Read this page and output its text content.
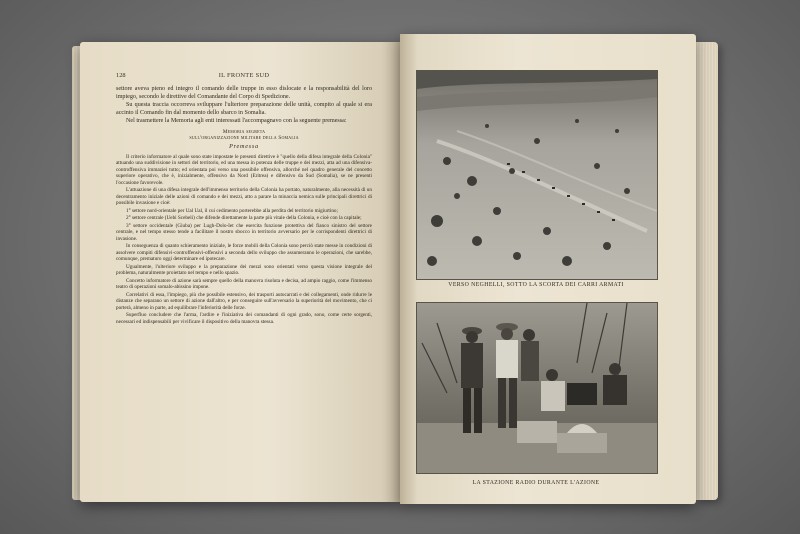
128	IL FRONTE SUD

settore aveva pieno ed integro il comando delle truppe in esso dislocate e la responsabilità del loro impiego, secondo le direttive del Comandante del Corpo di Spedizione.

Su questa traccia occorreva sviluppare l'ulteriore preparazione delle unità, compito al quale si era accinto il Comando fin dal momento dello sbarco in Somalia.

Nel trasmettere la Memoria agli enti interessati l'accompagnavo con la seguente premessa:

Memoria segreta
sull'organizzazione militare della Somalia
Premessa

Il criterio informatore al quale sono state impostate le presenti direttive è "quello della difesa integrale della Colonia" attuando una suddivisione in settori del territorio, ed una messa in potenza delle truppe e dei mezzi, atta ad una difensiva-controffensiva immaziei tutto; ed orientata poi verso una possibile offensiva, allorché nel quadro generale del concetto superiore operativo, che è, inizialmente, offensivo da Nord (Eritrea) e difensivo da Sud (Somalia), se ne presenti l'occasione favorevole.

L'attuazione di una difesa integrale dell'immenso territorio della Colonia ha portato, naturalmente, alla necessità di un decentramento iniziale delle azioni di comando e dei mezzi, atto a parare la minaccia nemica sulle principali direttrici di possibile invasione e cioè:

1° settore nord-orientale per Ual Ual, il cui cedimento porterebbe alla perdita del territorio migiurtino;

2° settore centrale (Uebi Scebeli) che difende direttamente la parte più vitale della Colonia, e cioè con la capitale;

3° settore occidentale (Giuba) per Lugh-Dolo-Iet che esercita funzione protettiva del fianco sinistro del settore centrale, e nel tempo stesso tende a facilitare il nostro sbocco in territorio avversario per le corrispondenti direttrici di invasione.

In conseguenza di quanto schieramento iniziale, le forze mobili della Colonia sono perciò state messe in condizioni di assolvere compiti difensivi-controffensivi-offensivi a seconda dello sviluppo che assumeranno le operazioni, che sarebbe, comunque, prematuro oggi determinare ed ipotecare.

Ugualmente, l'ulteriore sviluppo e la preparazione dei mezzi sono orientati verso questa visione integrale del problema, naturalmente proiettato nel tempo e nello spazio.

Concetto informatore di azione sarà sempre quello della manovra risoluta e decisa, ad ampio raggio, come l'immenso teatro di operazioni somalo-abissino impone.

Correlativi di essa, l'impiego, più che possibile estensivo, dei trasporti autocarrati e dei collegamenti, onde ridurre le distanze che separano un settore di azione dall'altro, e per conseguire sull'avversario la superiorità del movimento, che ci porterà, almeno in parte, ad equilibrare l'inferiorità delle forze.

Superfluo concludere che l'arma, l'ardire e l'iniziativa dei comandanti di ogni grado, sono, come certe sorgenti, necessari ed indispensabili per vivificare il dispositivo della manovra stessa.

VERSO NEGHELLI, SOTTO LA SCORTA DEI CARRI ARMATI
LA STAZIONE RADIO DURANTE L'AZIONE
